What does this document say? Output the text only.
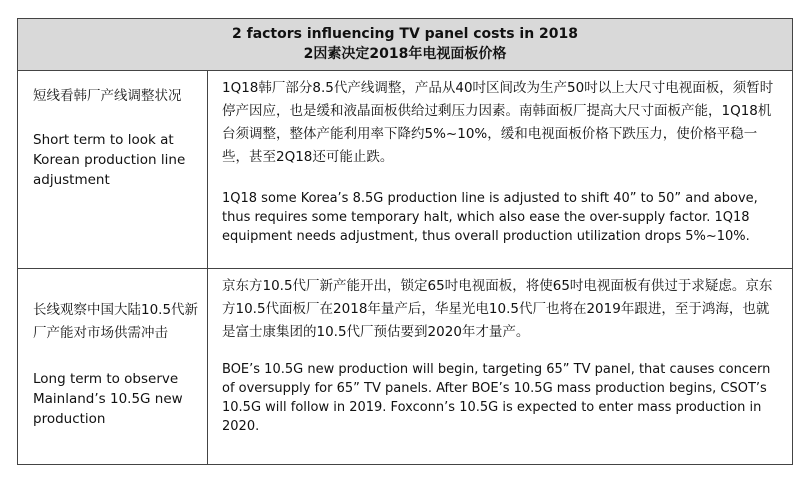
2 factors influencing TV panel costs in 2018
2因素决定2018年电视面板价格

短线看韩厂产线调整状况

Short term to look at Korean production line adjustment

1Q18韩厂部分8.5代产线调整，产品从40吋区间改为生产50吋以上大尺寸电视面板，须暂时停产因应，也是缓和液晶面板供给过剩压力因素。南韩面板厂提高大尺寸面板产能，1Q18机台须调整，整体产能利用率下降约5%~10%，缓和电视面板价格下跌压力，使价格平稳一些，甚至2Q18还可能止跌。

1Q18 some Korea’s 8.5G production line is adjusted to shift 40” to 50” and above, thus requires some temporary halt, which also ease the over-supply factor. 1Q18 equipment needs adjustment, thus overall production utilization drops 5%~10%.

长线观察中国大陆10.5代新厂产能对市场供需冲击

Long term to observe Mainland’s 10.5G new production

京东方10.5代厂新产能开出，锁定65吋电视面板，将使65吋电视面板有供过于求疑虑。京东方10.5代面板厂在2018年量产后，华星光电10.5代厂也将在2019年跟进，至于鸿海，也就是富士康集团的10.5代厂预估要到2020年才量产。

BOE’s 10.5G new production will begin, targeting 65” TV panel, that causes concern of oversupply for 65” TV panels. After BOE’s 10.5G mass production begins, CSOT’s 10.5G will follow in 2019. Foxconn’s 10.5G is expected to enter mass production in 2020.
